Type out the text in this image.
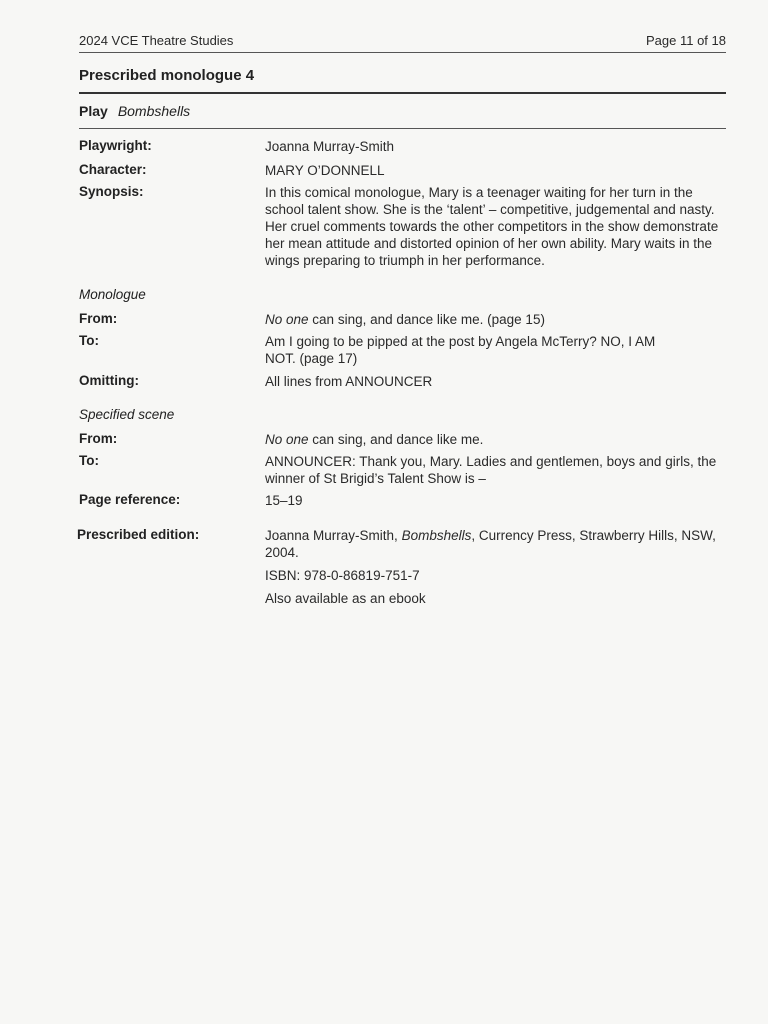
2024 VCE Theatre Studies	Page 11 of 18
Prescribed monologue 4
Play Bombshells
Playwright:	Joanna Murray-Smith
Character:	MARY O’DONNELL
Synopsis:	In this comical monologue, Mary is a teenager waiting for her turn in the school talent show. She is the ‘talent’ – competitive, judgemental and nasty. Her cruel comments towards the other competitors in the show demonstrate her mean attitude and distorted opinion of her own ability. Mary waits in the wings preparing to triumph in her performance.
Monologue
From:	No one can sing, and dance like me. (page 15)
To:	Am I going to be pipped at the post by Angela McTerry? NO, I AM NOT. (page 17)
Omitting:	All lines from ANNOUNCER
Specified scene
From:	No one can sing, and dance like me.
To:	ANNOUNCER: Thank you, Mary. Ladies and gentlemen, boys and girls, the winner of St Brigid’s Talent Show is –
Page reference:	15–19
Prescribed edition:	Joanna Murray-Smith, Bombshells, Currency Press, Strawberry Hills, NSW, 2004.
ISBN: 978-0-86819-751-7
Also available as an ebook
